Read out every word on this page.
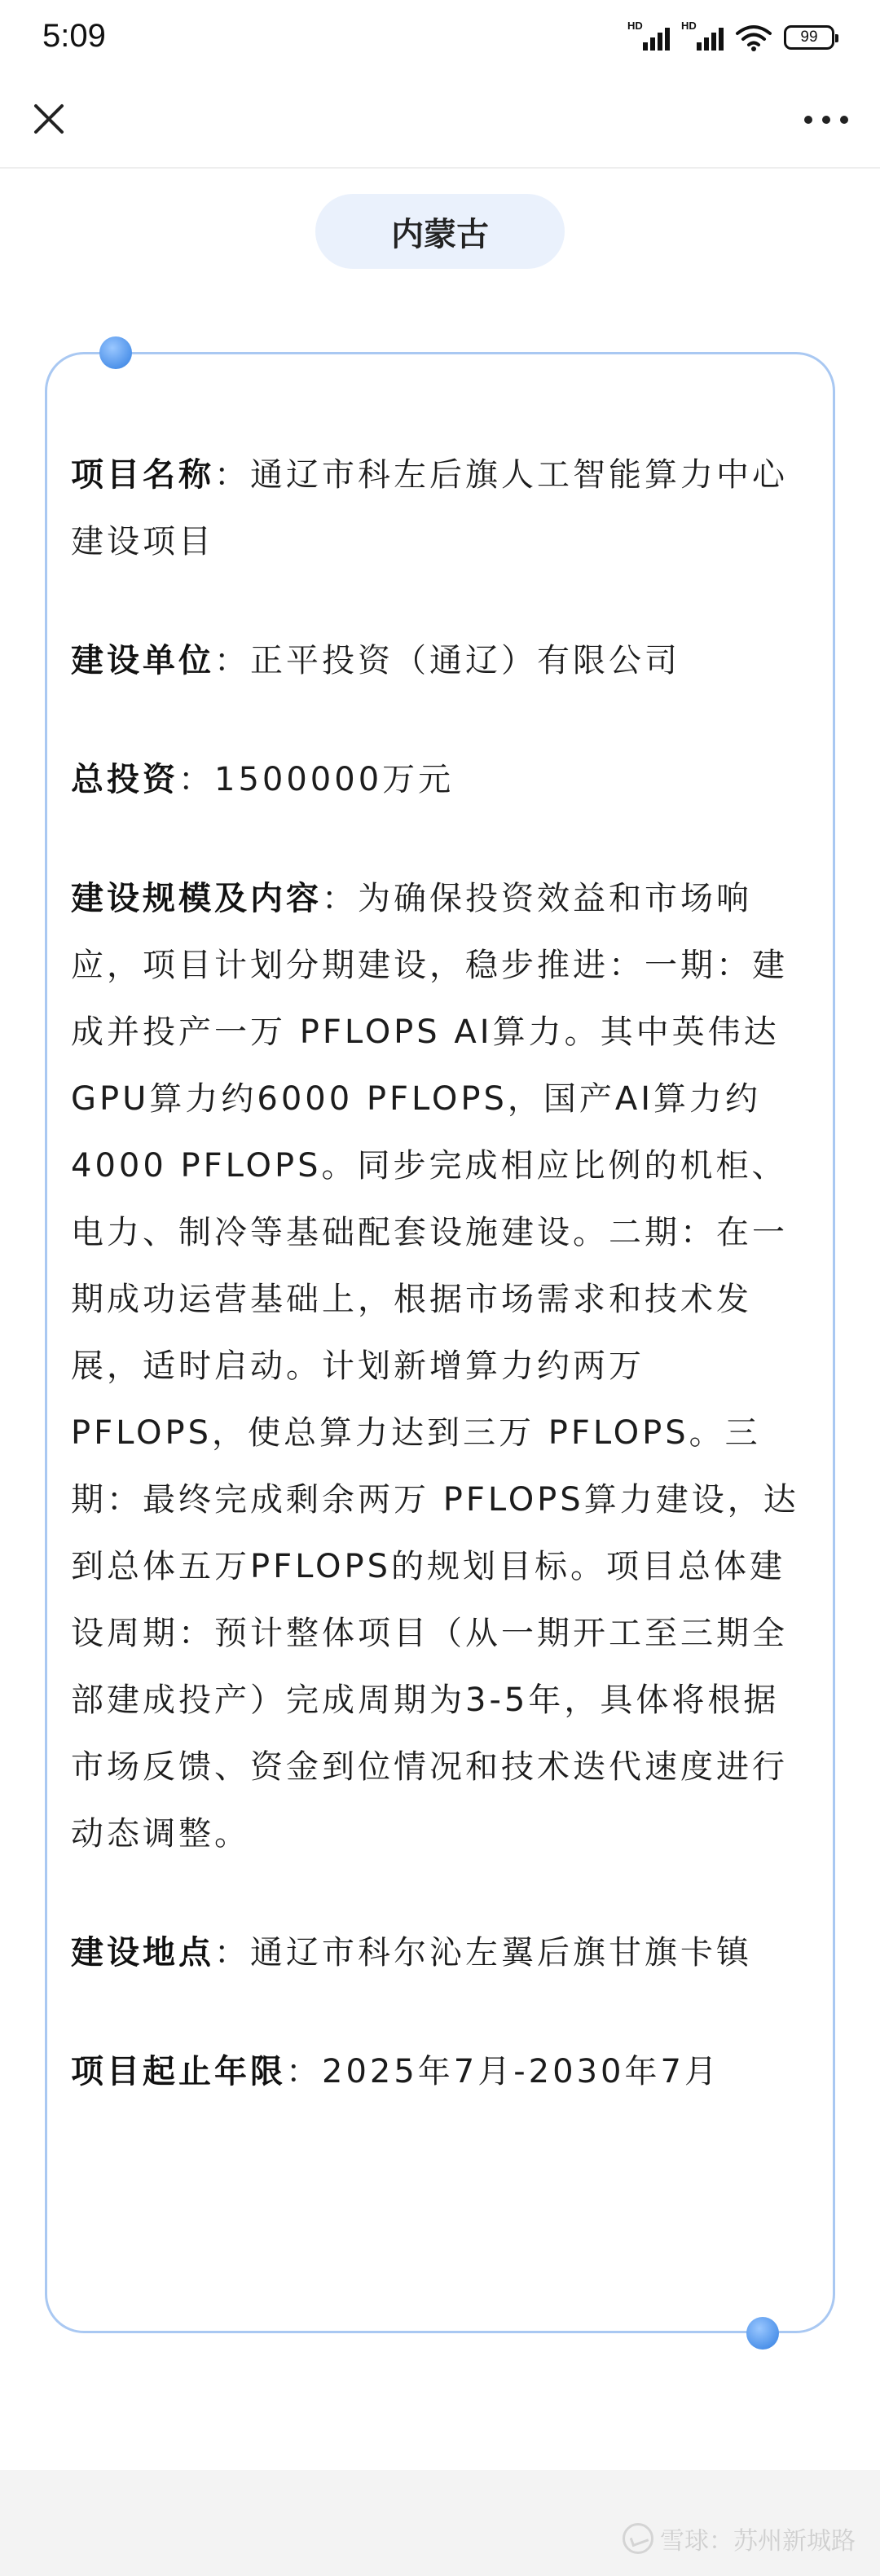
5:09	HD	HD
99
内蒙古
项目名称：通辽市科左后旗人工智能算力中心建设项目
建设单位：正平投资（通辽）有限公司
总投资：1500000万元
建设规模及内容：为确保投资效益和市场响应，项目计划分期建设，稳步推进：一期：建成并投产一万 PFLOPS AI算力。其中英伟达GPU算力约6000 PFLOPS，国产AI算力约4000 PFLOPS。同步完成相应比例的机柜、电力、制冷等基础配套设施建设。二期：在一期成功运营基础上，根据市场需求和技术发展，适时启动。计划新增算力约两万 PFLOPS，使总算力达到三万 PFLOPS。三期：最终完成剩余两万 PFLOPS算力建设，达到总体五万PFLOPS的规划目标。项目总体建设周期：预计整体项目（从一期开工至三期全部建成投产）完成周期为3-5年，具体将根据市场反馈、资金到位情况和技术迭代速度进行动态调整。
建设地点：通辽市科尔沁左翼后旗甘旗卡镇
项目起止年限：2025年7月-2030年7月
雪球：苏州新城路
